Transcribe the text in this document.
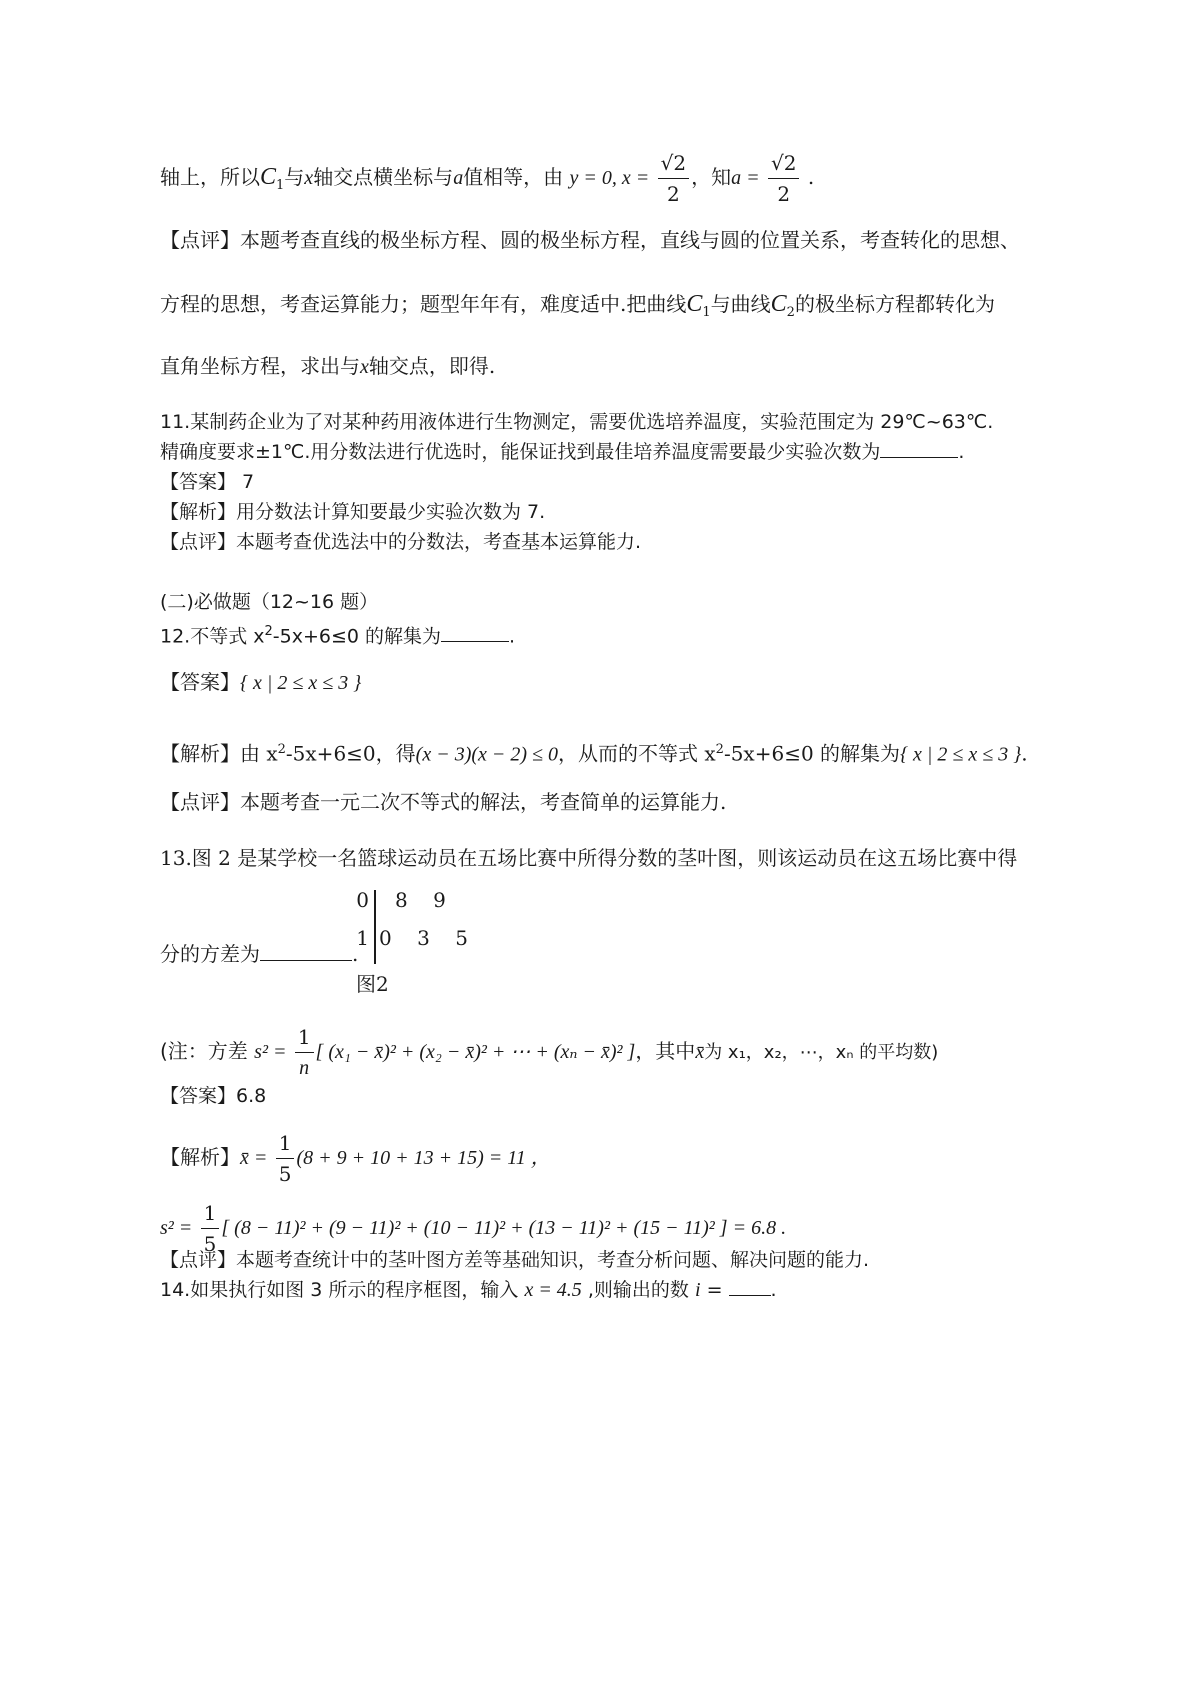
轴上，所以$C_1$与x轴交点横坐标与a值相等，由 y = 0, $x = \frac{√2}{2}$ ，知$a = \frac{√2}{2}$ .
【点评】本题考查直线的极坐标方程、圆的极坐标方程，直线与圆的位置关系，考查转化的思想、
方程的思想，考查运算能力；题型年年有，难度适中.把曲线$C_1$与曲线$C_2$的极坐标方程都转化为
直角坐标方程，求出与x轴交点，即得.
11.某制药企业为了对某种药用液体进行生物测定，需要优选培养温度，实验范围定为 29℃~63℃.
精确度要求±1℃.用分数法进行优选时，能保证找到最佳培养温度需要最少实验次数为	.
【答案】 7
【解析】用分数法计算知要最少实验次数为 7.
【点评】本题考查优选法中的分数法，考查基本运算能力.
(二)必做题（12~16 题）
12.不等式 $x^2-5x+6\le 0$ 的解集为	.
【答案】{ x | 2 ≤ x ≤ 3 }
【解析】由 $x^2-5x+6\le 0$，得(x − 3)(x − 2) ≤ 0，从而的不等式 $x^2-5x+6\le 0$ 的解集为{ x | 2 ≤ x ≤ 3 }.
【点评】本题考查一元二次不等式的解法，考查简单的运算能力.
13.图 2 是某学校一名篮球运动员在五场比赛中所得分数的茎叶图，则该运动员在这五场比赛中得
分的方差为	.
0 8    9
1 0    3    5
图2
(注：方差 $s^2 = \frac{1}{n}$ [ (x₁ − x̄)² + (x₂ − x̄)² + ⋯ + (xₙ − x̄)² ]，其中x̄为 x₁，x₂，⋯，xₙ 的平均数)
【答案】6.8
【解析】x̄ = $\frac{1}{5} (8 + 9 + 10 + 13 + 15) = 11$ ，
$s^2 = \frac{1}{5}$ [ (8 − 11)² + (9 − 11)² + (10 − 11)² + (13 − 11)² + (15 − 11)² ] = 6.8 .
【点评】本题考查统计中的茎叶图方差等基础知识，考查分析问题、解决问题的能力.
14.如果执行如图 3 所示的程序框图，输入 x = 4.5 ,则输出的数 i =	.
